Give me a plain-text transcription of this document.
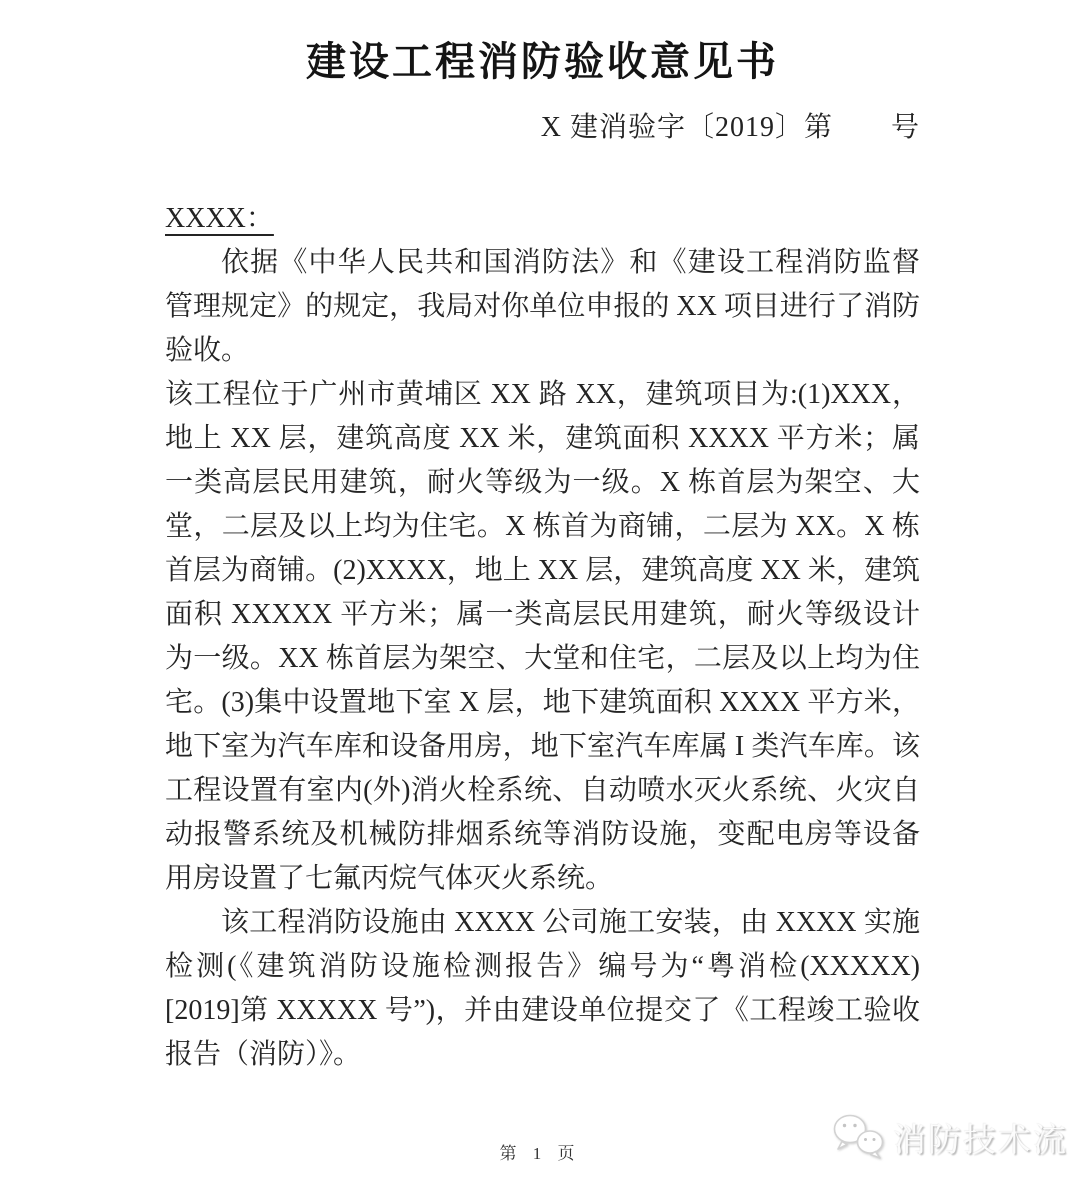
建设工程消防验收意见书
X 建消验字〔2019〕第　　号
XXXX：

依据《中华人民共和国消防法》和《建设工程消防监督管理规定》的规定，我局对你单位申报的 XX 项目进行了消防验收。

该工程位于广州市黄埔区 XX 路 XX，建筑项目为:(1)XXX，地上 XX 层，建筑高度 XX 米，建筑面积 XXXX 平方米；属一类高层民用建筑，耐火等级为一级。X 栋首层为架空、大堂，二层及以上均为住宅。X 栋首为商铺，二层为 XX。X 栋首层为商铺。(2)XXXX，地上 XX 层，建筑高度 XX 米，建筑面积 XXXXX 平方米；属一类高层民用建筑，耐火等级设计为一级。XX 栋首层为架空、大堂和住宅，二层及以上均为住宅。(3)集中设置地下室 X 层，地下建筑面积 XXXX 平方米，地下室为汽车库和设备用房，地下室汽车库属 I 类汽车库。该工程设置有室内(外)消火栓系统、自动喷水灭火系统、火灾自动报警系统及机械防排烟系统等消防设施，变配电房等设备用房设置了七氟丙烷气体灭火系统。

该工程消防设施由 XXXX 公司施工安装，由 XXXX 实施检测(《建筑消防设施检测报告》编号为“粤消检(XXXXX)[2019]第 XXXXX 号”)，并由建设单位提交了《工程竣工验收报告（消防）》。

第 1 页	消防技术流
